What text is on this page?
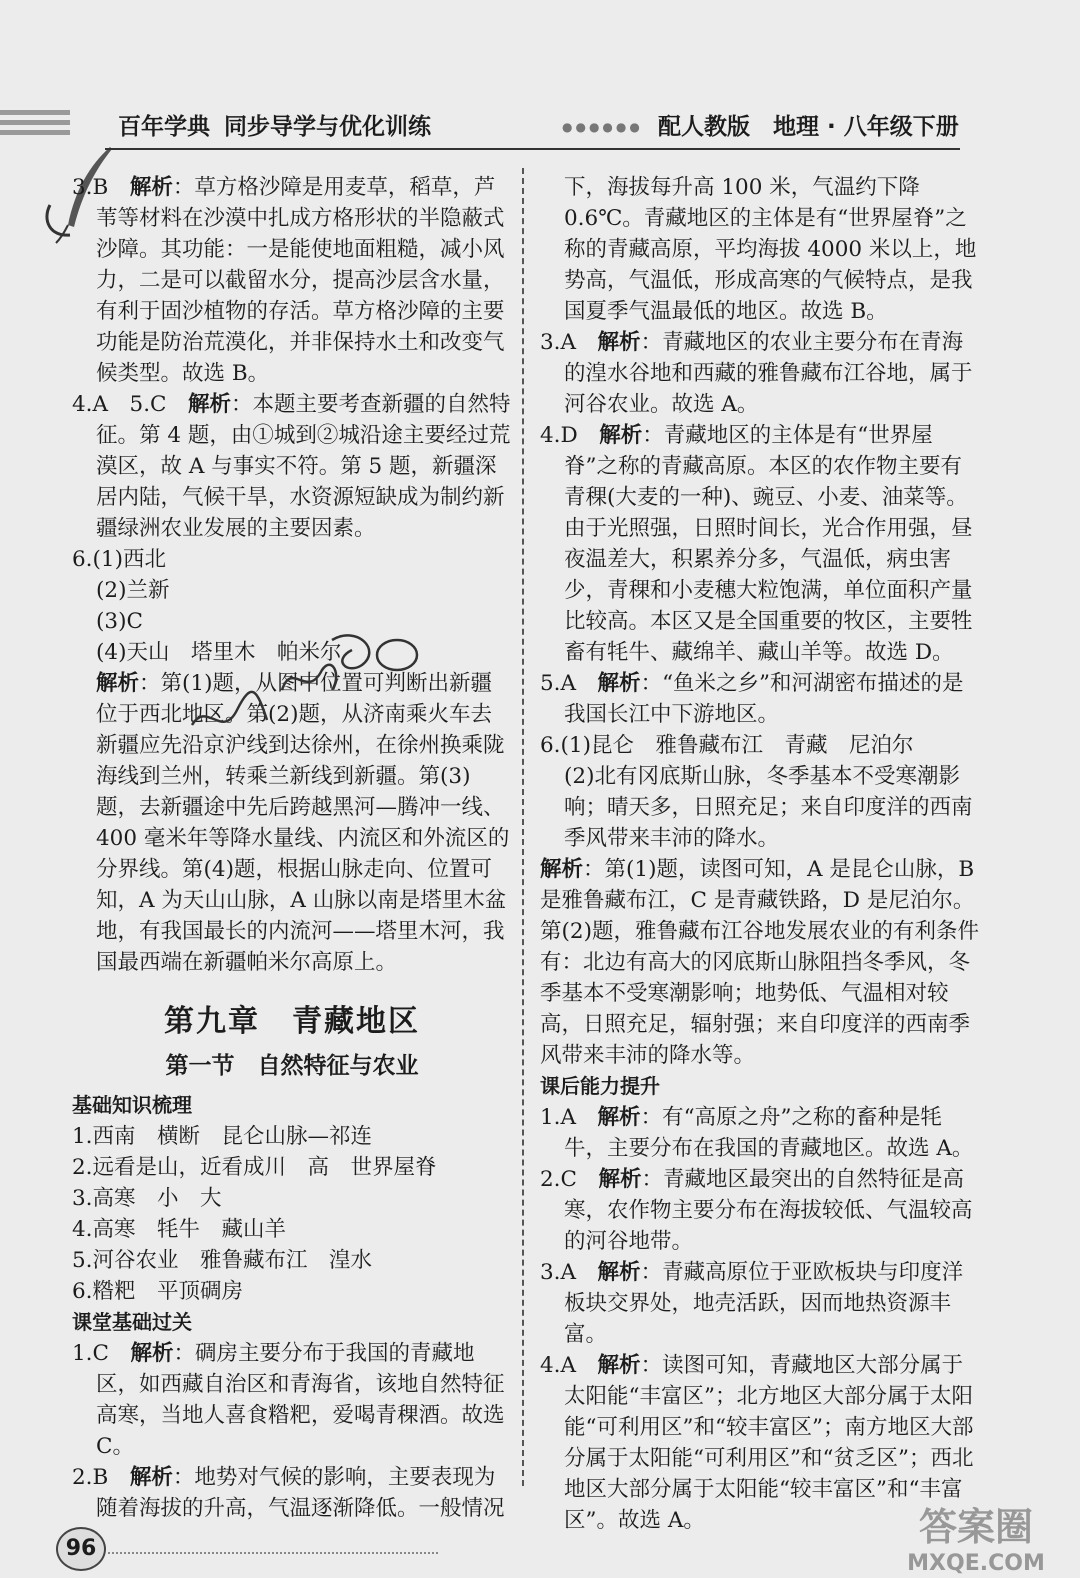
百年学典 同步导学与优化训练	●●●●●● 配人教版　地理 · 八年级下册

3.B　解析：草方格沙障是用麦草，稻草，芦苇等材料在沙漠中扎成方格形状的半隐蔽式沙障。其功能：一是能使地面粗糙，减小风力，二是可以截留水分，提高沙层含水量，有利于固沙植物的存活。草方格沙障的主要功能是防治荒漠化，并非保持水土和改变气候类型。故选 B。

4.A　5.C　解析：本题主要考查新疆的自然特征。第 4 题，由①城到②城沿途主要经过荒漠区，故 A 与事实不符。第 5 题，新疆深居内陆，气候干旱，水资源短缺成为制约新疆绿洲农业发展的主要因素。

6.(1)西北

(2)兰新

(3)C

(4)天山　塔里木　帕米尔

解析：第(1)题，从图中位置可判断出新疆位于西北地区。第(2)题，从济南乘火车去新疆应先沿京沪线到达徐州，在徐州换乘陇海线到兰州，转乘兰新线到新疆。第(3)题，去新疆途中先后跨越黑河—腾冲一线、400 毫米年等降水量线、内流区和外流区的分界线。第(4)题，根据山脉走向、位置可知，A 为天山山脉，A 山脉以南是塔里木盆地，有我国最长的内流河——塔里木河，我国最西端在新疆帕米尔高原上。

第九章　青藏地区
第一节　自然特征与农业

基础知识梳理

1.西南　横断　昆仑山脉—祁连

2.远看是山，近看成川　高　世界屋脊

3.高寒　小　大

4.高寒　牦牛　藏山羊

5.河谷农业　雅鲁藏布江　湟水

6.糌粑　平顶碉房

课堂基础过关

1.C　解析：碉房主要分布于我国的青藏地区，如西藏自治区和青海省，该地自然特征高寒，当地人喜食糌粑，爱喝青稞酒。故选 C。

2.B　解析：地势对气候的影响，主要表现为随着海拔的升高，气温逐渐降低。一般情况

下，海拔每升高 100 米，气温约下降 0.6℃。青藏地区的主体是有“世界屋脊”之称的青藏高原，平均海拔 4000 米以上，地势高，气温低，形成高寒的气候特点，是我国夏季气温最低的地区。故选 B。

3.A　解析：青藏地区的农业主要分布在青海的湟水谷地和西藏的雅鲁藏布江谷地，属于河谷农业。故选 A。

4.D　解析：青藏地区的主体是有“世界屋脊”之称的青藏高原。本区的农作物主要有青稞(大麦的一种)、豌豆、小麦、油菜等。由于光照强，日照时间长，光合作用强，昼夜温差大，积累养分多，气温低，病虫害少，青稞和小麦穗大粒饱满，单位面积产量比较高。本区又是全国重要的牧区，主要牲畜有牦牛、藏绵羊、藏山羊等。故选 D。

5.A　解析：“鱼米之乡”和河湖密布描述的是我国长江中下游地区。

6.(1)昆仑　雅鲁藏布江　青藏　尼泊尔

(2)北有冈底斯山脉，冬季基本不受寒潮影响；晴天多，日照充足；来自印度洋的西南季风带来丰沛的降水。

解析：第(1)题，读图可知，A 是昆仑山脉，B 是雅鲁藏布江，C 是青藏铁路，D 是尼泊尔。第(2)题，雅鲁藏布江谷地发展农业的有利条件有：北边有高大的冈底斯山脉阻挡冬季风，冬季基本不受寒潮影响；地势低、气温相对较高，日照充足，辐射强；来自印度洋的西南季风带来丰沛的降水等。

课后能力提升

1.A　解析：有“高原之舟”之称的畜种是牦牛，主要分布在我国的青藏地区。故选 A。

2.C　解析：青藏地区最突出的自然特征是高寒，农作物主要分布在海拔较低、气温较高的河谷地带。

3.A　解析：青藏高原位于亚欧板块与印度洋板块交界处，地壳活跃，因而地热资源丰富。

4.A　解析：读图可知，青藏地区大部分属于太阳能“丰富区”；北方地区大部分属于太阳能“可利用区”和“较丰富区”；南方地区大部分属于太阳能“可利用区”和“贫乏区”；西北地区大部分属于太阳能“较丰富区”和“丰富区”。故选 A。

96	答案圈
MXQE.COM
